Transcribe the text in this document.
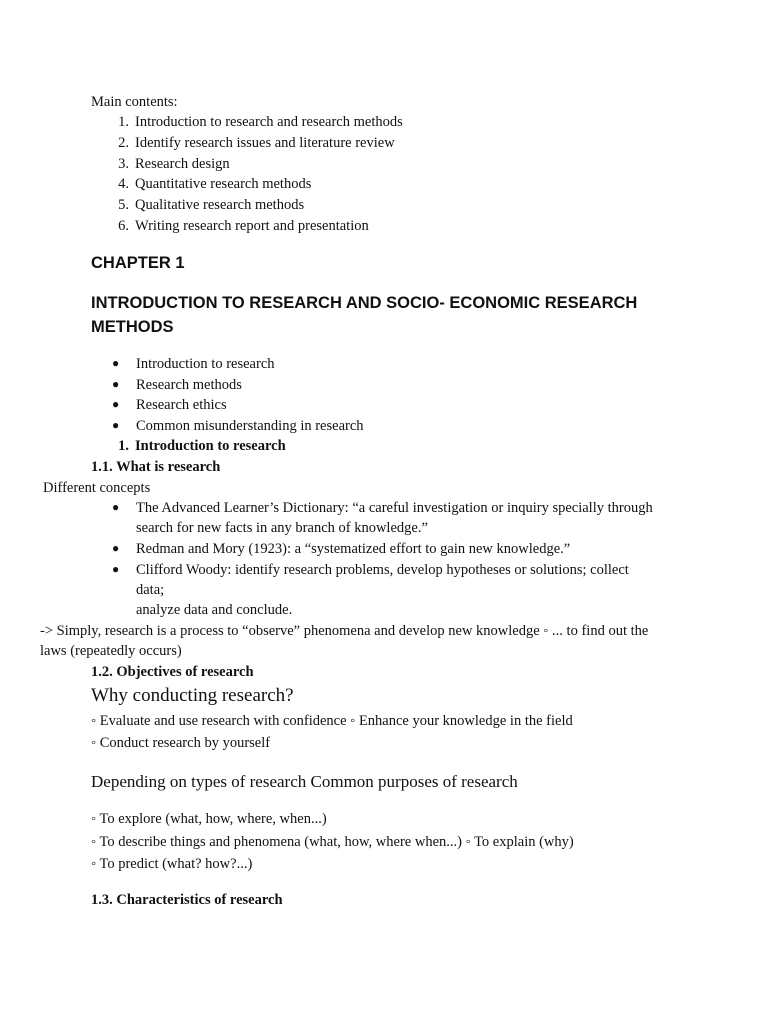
Main contents:
1. Introduction to research and research methods
2. Identify research issues and literature review
3. Research design
4. Quantitative research methods
5. Qualitative research methods
6. Writing research report and presentation
CHAPTER 1
INTRODUCTION TO RESEARCH AND SOCIO- ECONOMIC RESEARCH
METHODS
● Introduction to research
● Research methods
● Research ethics
● Common misunderstanding in research
1. Introduction to research
1.1. What is research
Different concepts
● The Advanced Learner’s Dictionary: “a careful investigation or inquiry specially through
search for new facts in any branch of knowledge.”
● Redman and Mory (1923): a “systematized effort to gain new knowledge.”
● Clifford Woody: identify research problems, develop hypotheses or solutions; collect
data;
analyze data and conclude.
-> Simply, research is a process to “observe” phenomena and develop new knowledge ◦ ... to find out the
laws (repeatedly occurs)
1.2. Objectives of research
Why conducting research?
◦ Evaluate and use research with confidence ◦ Enhance your knowledge in the field
◦ Conduct research by yourself
Depending on types of research Common purposes of research
◦ To explore (what, how, where, when...)
◦ To describe things and phenomena (what, how, where when...) ◦ To explain (why)
◦ To predict (what? how?...)
1.3. Characteristics of research
